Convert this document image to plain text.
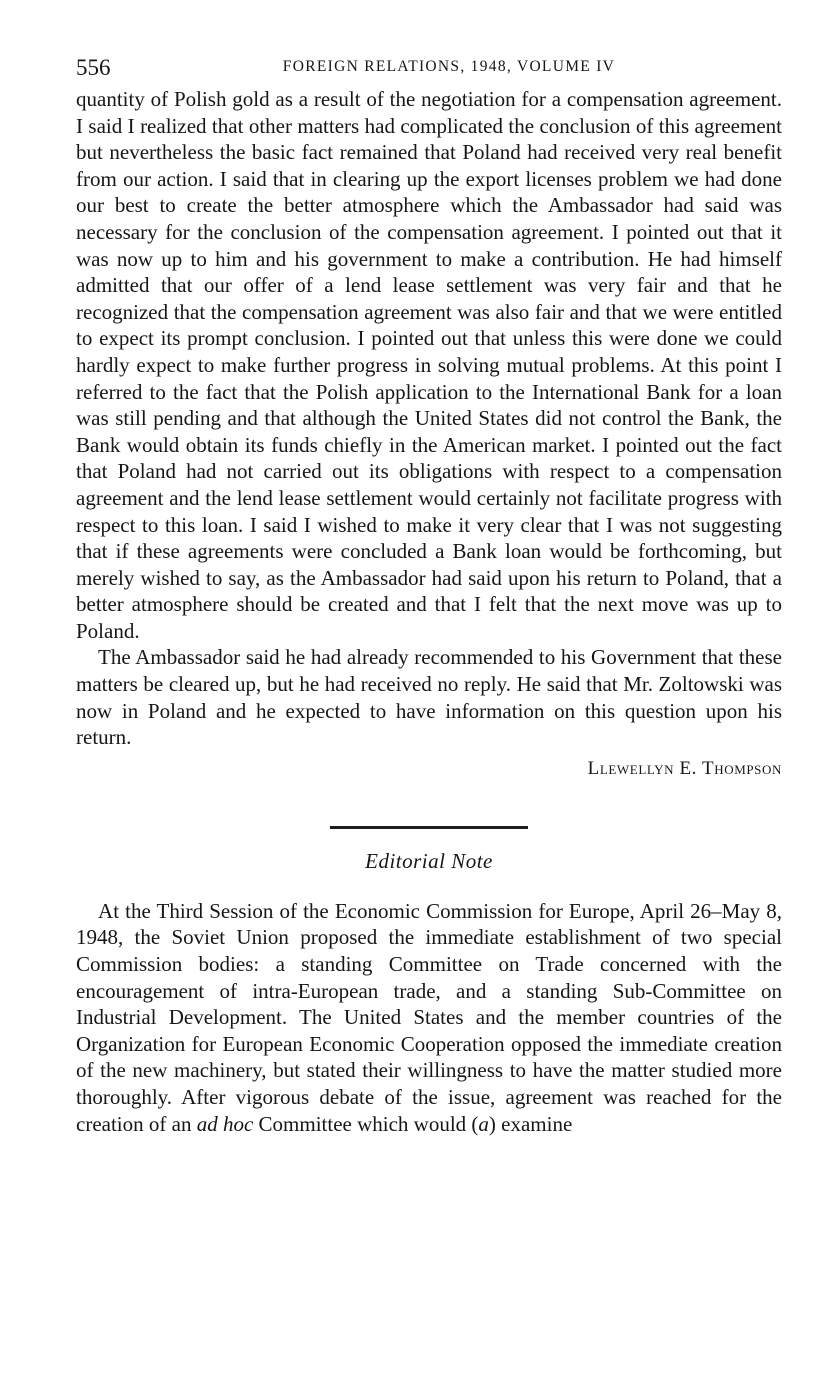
556	FOREIGN RELATIONS, 1948, VOLUME IV

quantity of Polish gold as a result of the negotiation for a compensation agreement. I said I realized that other matters had complicated the conclusion of this agreement but nevertheless the basic fact remained that Poland had received very real benefit from our action. I said that in clearing up the export licenses problem we had done our best to create the better atmosphere which the Ambassador had said was necessary for the conclusion of the compensation agreement. I pointed out that it was now up to him and his government to make a contribution. He had himself admitted that our offer of a lend lease settlement was very fair and that he recognized that the compensation agreement was also fair and that we were entitled to expect its prompt conclusion. I pointed out that unless this were done we could hardly expect to make further progress in solving mutual problems. At this point I referred to the fact that the Polish application to the International Bank for a loan was still pending and that although the United States did not control the Bank, the Bank would obtain its funds chiefly in the American market. I pointed out the fact that Poland had not carried out its obligations with respect to a compensation agreement and the lend lease settlement would certainly not facilitate progress with respect to this loan. I said I wished to make it very clear that I was not suggesting that if these agreements were concluded a Bank loan would be forthcoming, but merely wished to say, as the Ambassador had said upon his return to Poland, that a better atmosphere should be created and that I felt that the next move was up to Poland.

The Ambassador said he had already recommended to his Government that these matters be cleared up, but he had received no reply. He said that Mr. Zoltowski was now in Poland and he expected to have information on this question upon his return.

Llewellyn E. Thompson
Editorial Note

At the Third Session of the Economic Commission for Europe, April 26–May 8, 1948, the Soviet Union proposed the immediate establishment of two special Commission bodies: a standing Committee on Trade concerned with the encouragement of intra-European trade, and a standing Sub-Committee on Industrial Development. The United States and the member countries of the Organization for European Economic Cooperation opposed the immediate creation of the new machinery, but stated their willingness to have the matter studied more thoroughly. After vigorous debate of the issue, agreement was reached for the creation of an ad hoc Committee which would (a) examine
